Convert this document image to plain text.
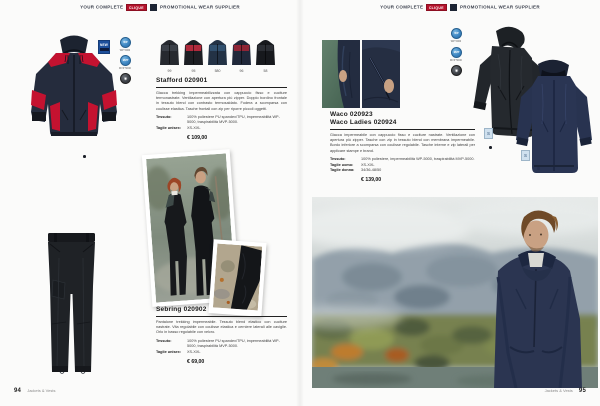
YOUR COMPLETE CLIQUE	PROMOTIONAL WEAR SUPPLIER	YOUR COMPLETE CLIQUE	PROMOTIONAL WEAR SUPPLIER
NEW
WP
WP 5000
MVP
MVP 5000
✳
99	95	580	96	58
Stafford 020901
Giacca trekking impermeabilizzata con cappuccio fisso e cuciture termonastrate. Ventilazione con apertura più zipper. Doppio bordino frontale in tessuto blend con contrasto termosaldato. Fodera a scomparsa con coulisse elastica. Tasche frontali con zip per riporre piccoli oggetti.
Tessuto:	100% poliestere PU spandex/TPU, impermeabilità WP-5000, traspirabilità MVP-5000.
Taglie unisex:	XS-XXL
€ 109,00
Sebring 020902
Pantalone trekking impermeabile. Tessuto blend elastico con cuciture nastrate. Vita regolabile con coulisse elastica e cerniere laterali alle caviglie. Orlo in basso regolabile con velcro.
Tessuto:	100% poliestere PU spandex/TPU, impermeabilità WP-5000, traspirabilità MVP-5000.
Taglie unisex:	XS-XXL
€ 69,00
94 Jackets & Vests
WP
WP 5000
MVP
MVP 5000
✳
S
S
Waco 020923
Waco Ladies 020924
Giacca impermeabile con cappuccio fisso e cuciture nastrate. Ventilazione con apertura più zipper. Tasche con zip in tessuto blend con membrana impermeabile. Bordo inferiore a scomparsa con coulisse regolabile. Tasche interne e zip laterali per applicare stampe e brand.
Tessuto:	100% poliestere, impermeabilità WP-5000, traspirabilità MVP-5000.
Taglie uomo:	XS-XXL
Taglie donna:	34/36-48/50
€ 139,00
Jackets & Vests 95
